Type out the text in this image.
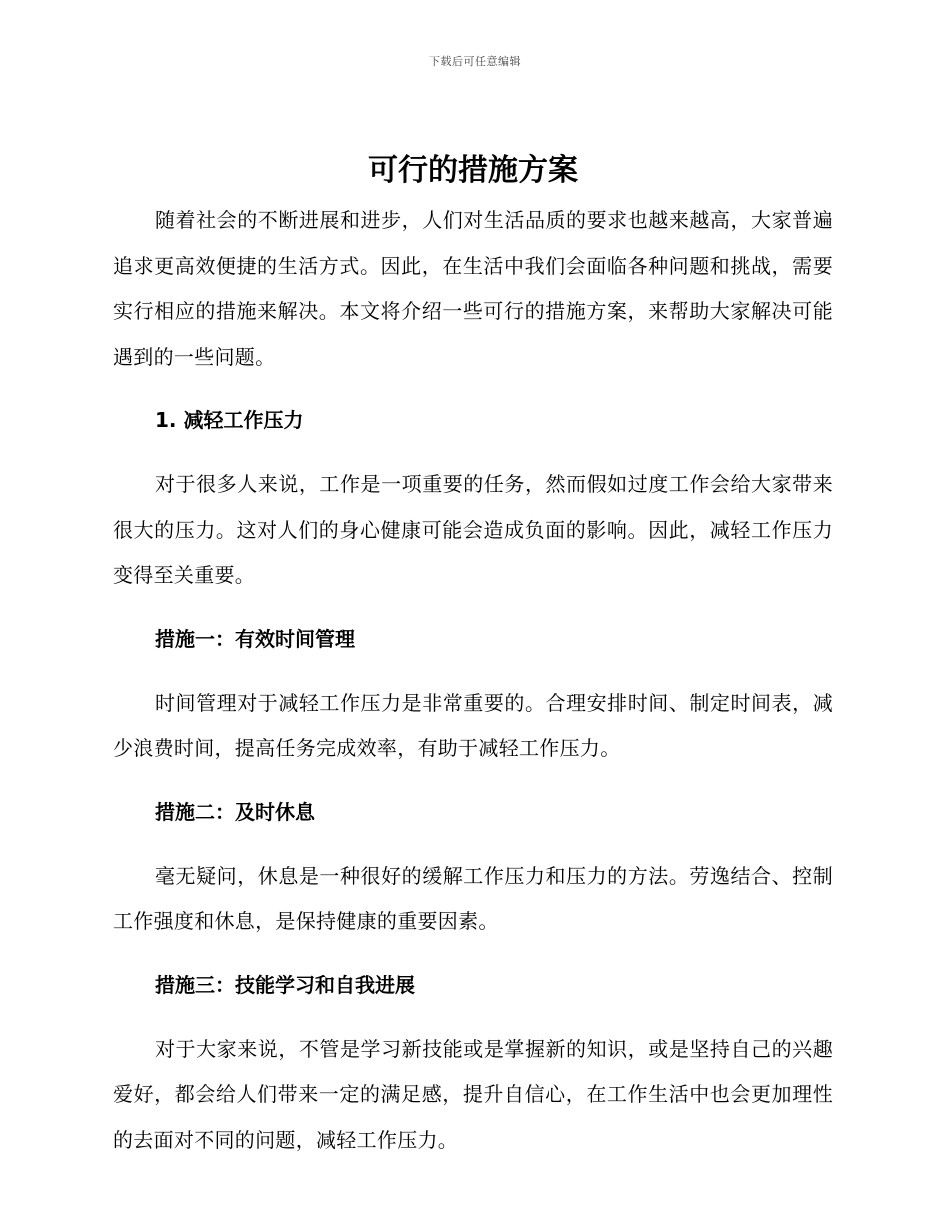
下载后可任意编辑
可行的措施方案

随着社会的不断进展和进步，人们对生活品质的要求也越来越高，大家普遍追求更高效便捷的生活方式。因此，在生活中我们会面临各种问题和挑战，需要实行相应的措施来解决。本文将介绍一些可行的措施方案，来帮助大家解决可能遇到的一些问题。

1. 减轻工作压力

对于很多人来说，工作是一项重要的任务，然而假如过度工作会给大家带来很大的压力。这对人们的身心健康可能会造成负面的影响。因此，减轻工作压力变得至关重要。

措施一：有效时间管理

时间管理对于减轻工作压力是非常重要的。合理安排时间、制定时间表，减少浪费时间，提高任务完成效率，有助于减轻工作压力。

措施二：及时休息

毫无疑问，休息是一种很好的缓解工作压力和压力的方法。劳逸结合、控制工作强度和休息，是保持健康的重要因素。

措施三：技能学习和自我进展

对于大家来说，不管是学习新技能或是掌握新的知识，或是坚持自己的兴趣爱好，都会给人们带来一定的满足感，提升自信心，在工作生活中也会更加理性的去面对不同的问题，减轻工作压力。
